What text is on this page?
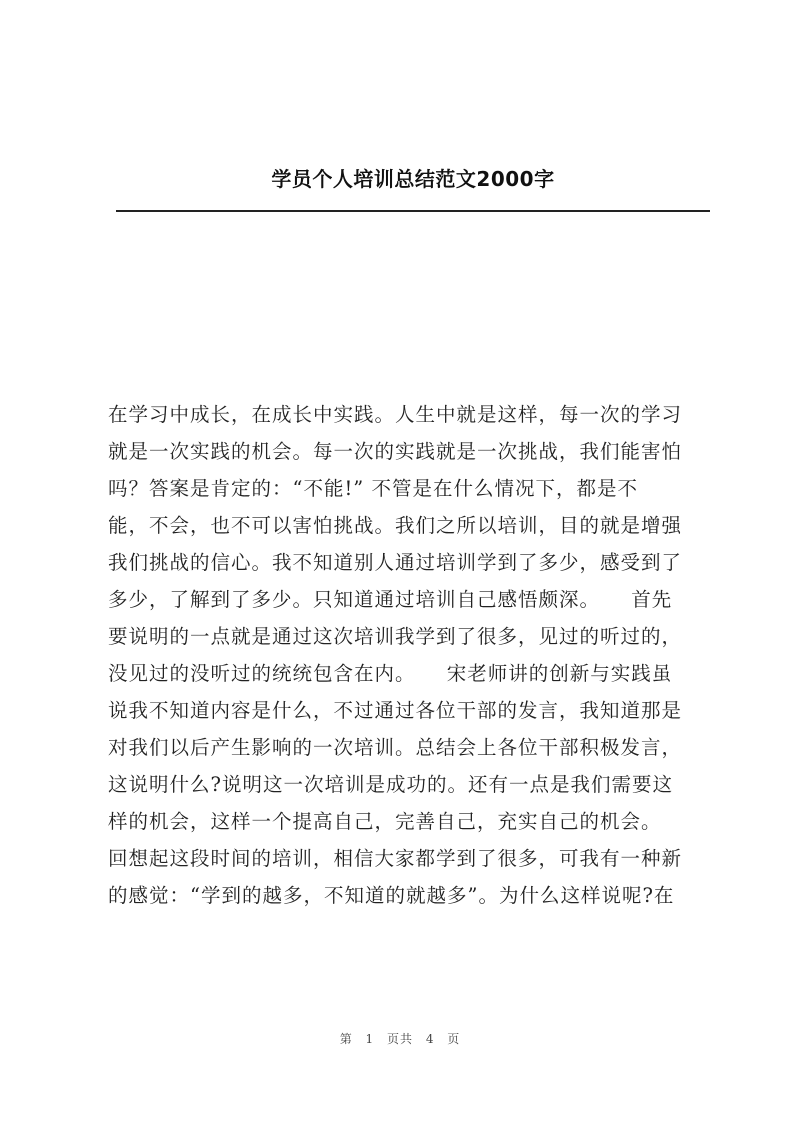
学员个人培训总结范文2000字
在学习中成长，在成长中实践。人生中就是这样，每一次的学习
就是一次实践的机会。每一次的实践就是一次挑战，我们能害怕
吗？答案是肯定的：“不能!” 不管是在什么情况下，都是不
能，不会，也不可以害怕挑战。我们之所以培训，目的就是增强
我们挑战的信心。我不知道别人通过培训学到了多少，感受到了
多少，了解到了多少。只知道通过培训自己感悟颇深。　　首先
要说明的一点就是通过这次培训我学到了很多，见过的听过的，
没见过的没听过的统统包含在内。　　宋老师讲的创新与实践虽
说我不知道内容是什么，不过通过各位干部的发言，我知道那是
对我们以后产生影响的一次培训。总结会上各位干部积极发言，
这说明什么?说明这一次培训是成功的。还有一点是我们需要这
样的机会，这样一个提高自己，完善自己，充实自己的机会。
回想起这段时间的培训，相信大家都学到了很多，可我有一种新
的感觉：“学到的越多，不知道的就越多”。为什么这样说呢?在
第 1 页共 4 页
